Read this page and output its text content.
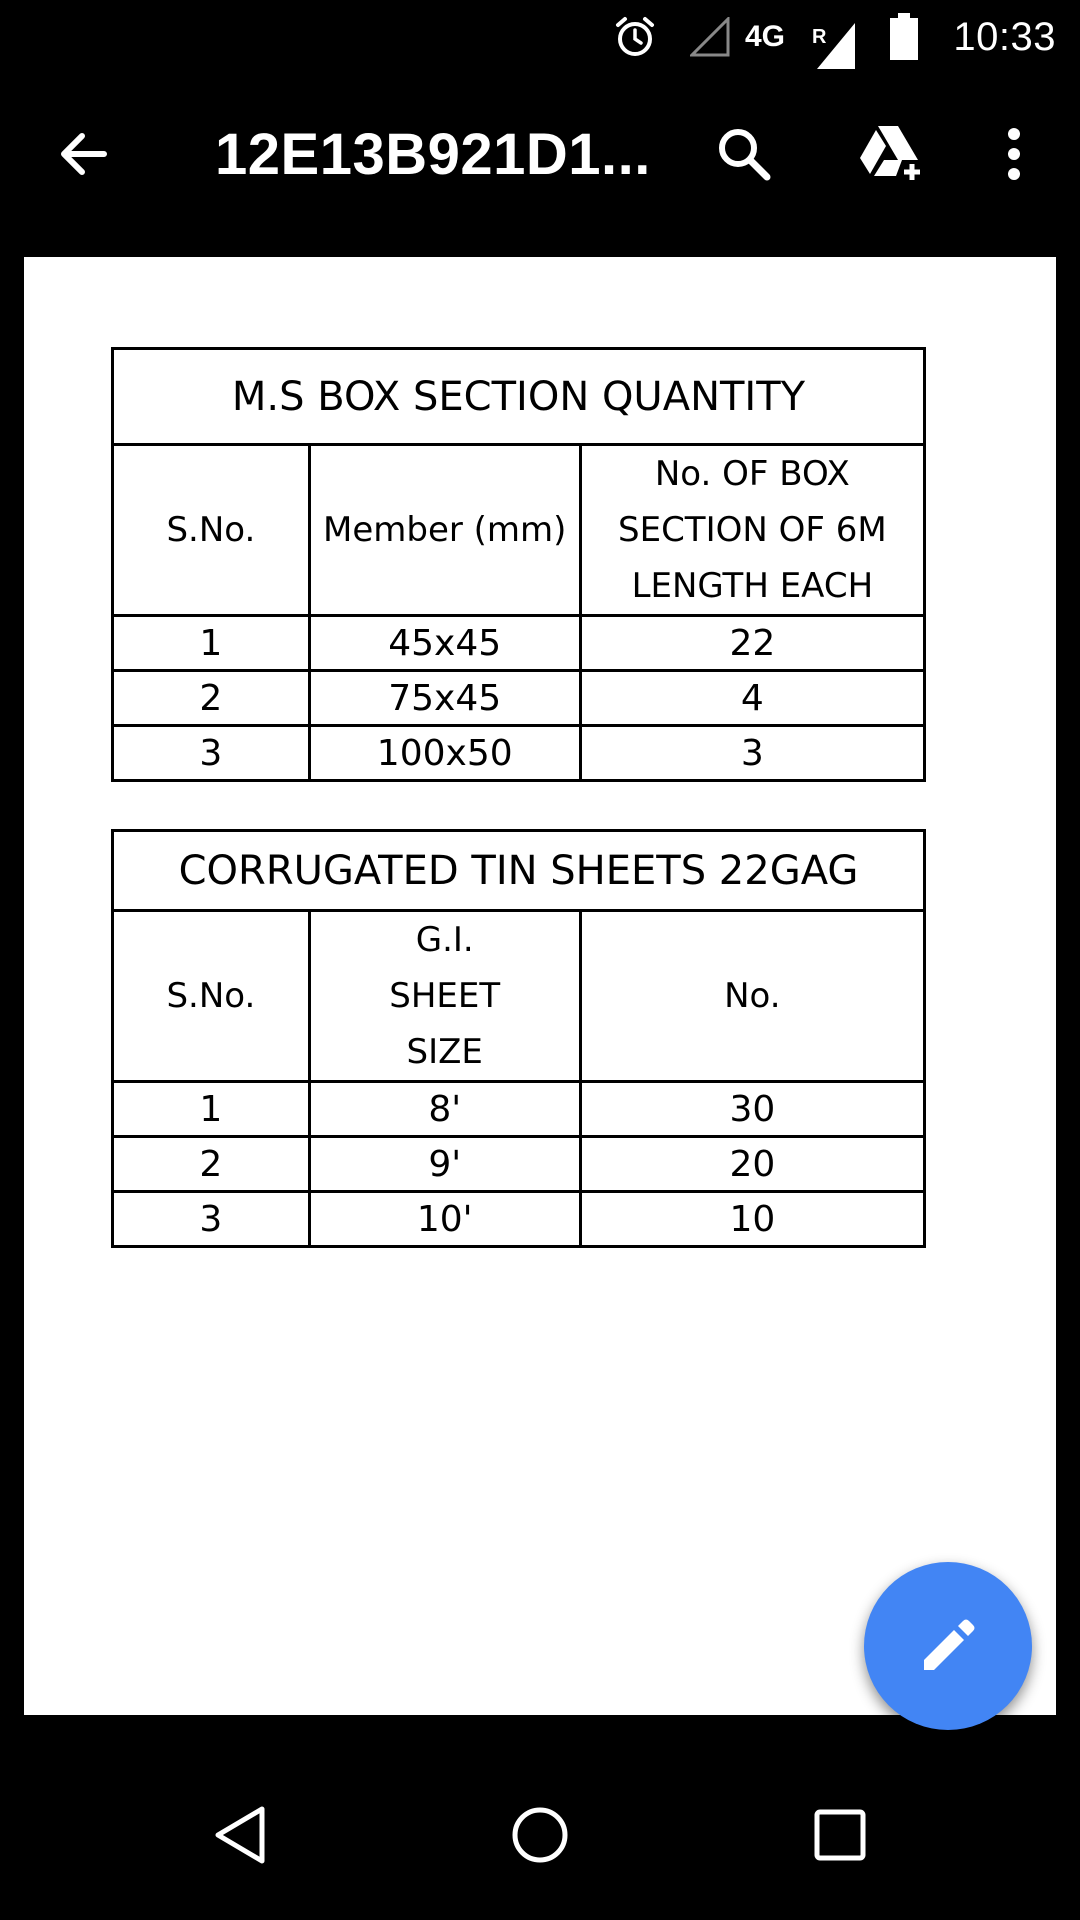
4G R	10:33
12E13B921D1...
M.S BOX SECTION QUANTITY		
S.No.	Member (mm)	No. OF BOX SECTION OF 6M LENGTH EACH
1	45x45	22
2	75x45	4
3	100x50	3
CORRUGATED TIN SHEETS 22GAG		
S.No.	G.I. SHEET SIZE	No.
1	8'	30
2	9'	20
3	10'	10
